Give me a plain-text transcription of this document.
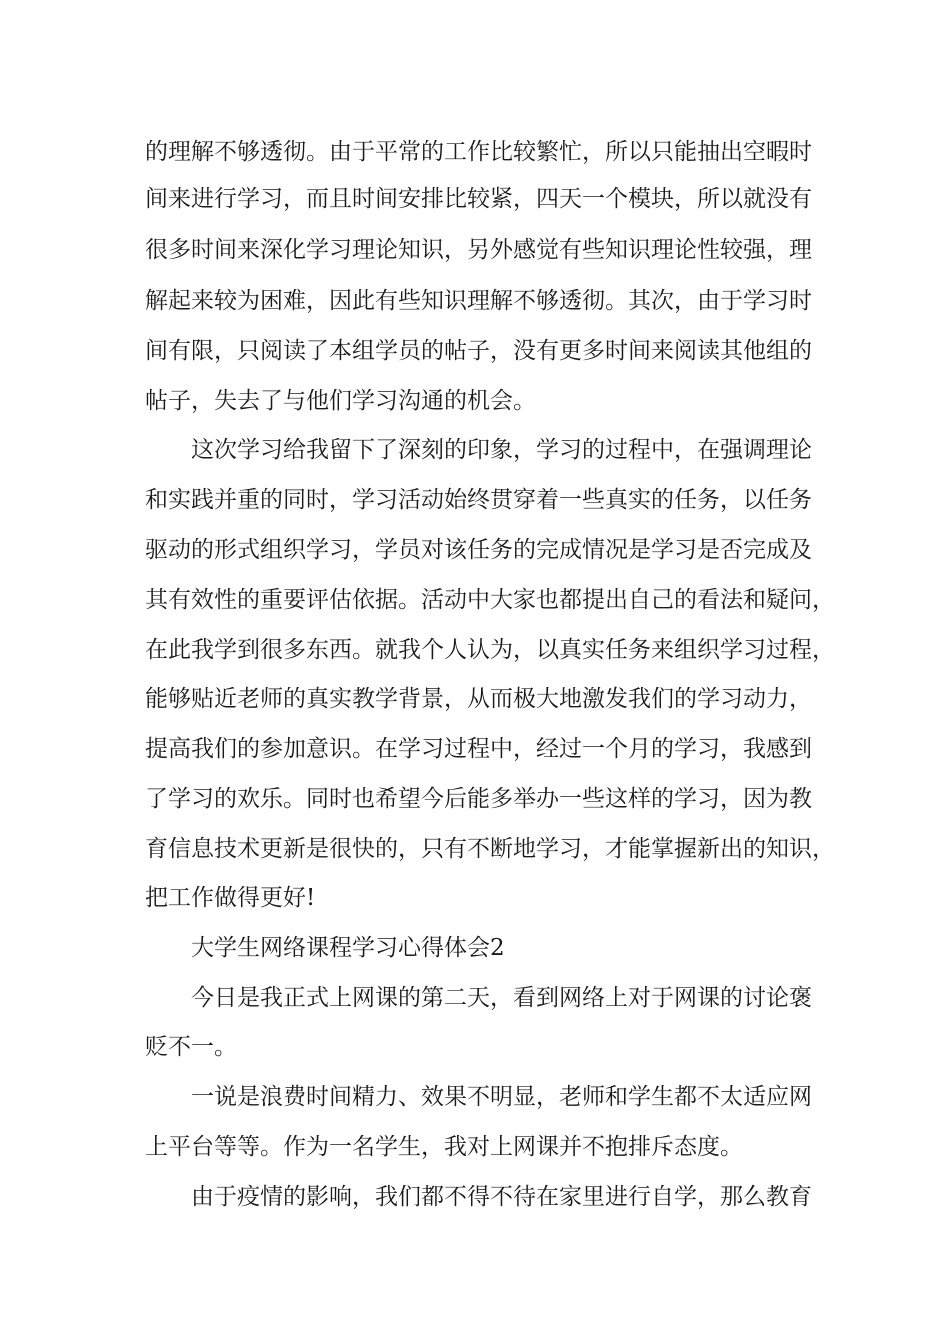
的理解不够透彻。由于平常的工作比较繁忙，所以只能抽出空暇时
间来进行学习，而且时间安排比较紧，四天一个模块，所以就没有
很多时间来深化学习理论知识，另外感觉有些知识理论性较强，理
解起来较为困难，因此有些知识理解不够透彻。其次，由于学习时
间有限，只阅读了本组学员的帖子，没有更多时间来阅读其他组的
帖子，失去了与他们学习沟通的机会。
这次学习给我留下了深刻的印象，学习的过程中，在强调理论
和实践并重的同时，学习活动始终贯穿着一些真实的任务，以任务
驱动的形式组织学习，学员对该任务的完成情况是学习是否完成及
其有效性的重要评估依据。活动中大家也都提出自己的看法和疑问，
在此我学到很多东西。就我个人认为，以真实任务来组织学习过程，
能够贴近老师的真实教学背景，从而极大地激发我们的学习动力，
提高我们的参加意识。在学习过程中，经过一个月的学习，我感到
了学习的欢乐。同时也希望今后能多举办一些这样的学习，因为教
育信息技术更新是很快的，只有不断地学习，才能掌握新出的知识，
把工作做得更好!
大学生网络课程学习心得体会2
今日是我正式上网课的第二天，看到网络上对于网课的讨论褒
贬不一。
一说是浪费时间精力、效果不明显，老师和学生都不太适应网
上平台等等。作为一名学生，我对上网课并不抱排斥态度。
由于疫情的影响，我们都不得不待在家里进行自学，那么教育
